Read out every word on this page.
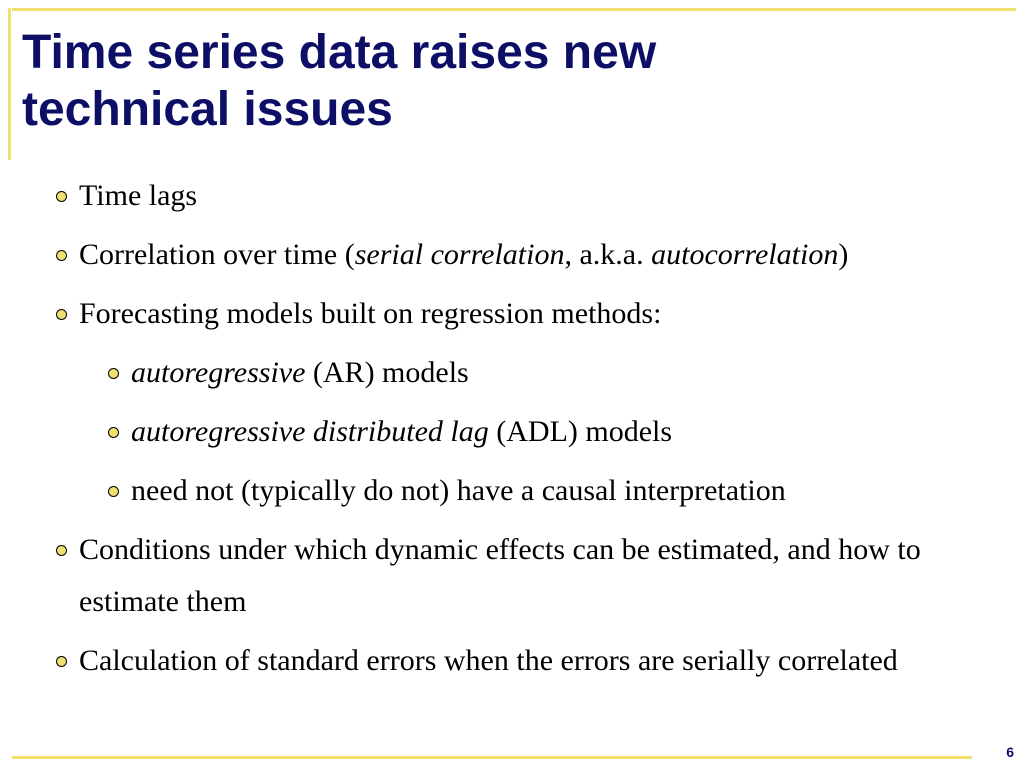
Time series data raises new
technical issues
Time lags
Correlation over time (serial correlation, a.k.a. autocorrelation)
Forecasting models built on regression methods:
autoregressive (AR) models
autoregressive distributed lag (ADL) models
need not (typically do not) have a causal interpretation
Conditions under which dynamic effects can be estimated, and how to estimate them
Calculation of standard errors when the errors are serially correlated
6
